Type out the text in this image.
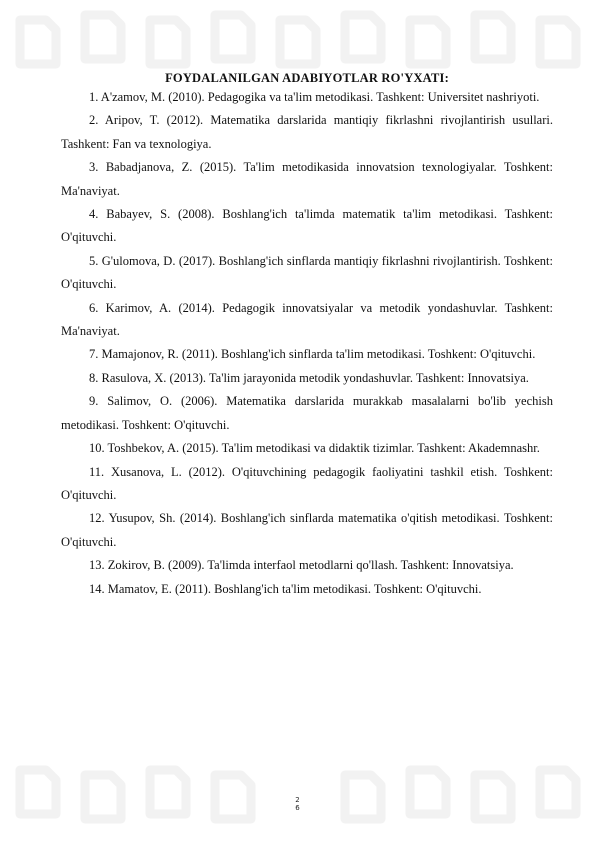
FOYDALANILGAN ADABIYOTLAR RO'YXATI:

1. A'zamov, M. (2010). Pedagogika va ta'lim metodikasi. Tashkent: Universitet nashriyoti.

2. Aripov, T. (2012). Matematika darslarida mantiqiy fikrlashni rivojlantirish usullari. Tashkent: Fan va texnologiya.

3. Babadjanova, Z. (2015). Ta'lim metodikasida innovatsion texnologiyalar. Toshkent: Ma'naviyat.

4. Babayev, S. (2008). Boshlang'ich ta'limda matematik ta'lim metodikasi. Tashkent: O'qituvchi.

5. G'ulomova, D. (2017). Boshlang'ich sinflarda mantiqiy fikrlashni rivojlantirish. Toshkent: O'qituvchi.

6. Karimov, A. (2014). Pedagogik innovatsiyalar va metodik yondashuvlar. Tashkent: Ma'naviyat.

7. Mamajonov, R. (2011). Boshlang'ich sinflarda ta'lim metodikasi. Toshkent: O'qituvchi.

8. Rasulova, X. (2013). Ta'lim jarayonida metodik yondashuvlar. Tashkent: Innovatsiya.

9. Salimov, O. (2006). Matematika darslarida murakkab masalalarni bo'lib yechish metodikasi. Toshkent: O'qituvchi.

10. Toshbekov, A. (2015). Ta'lim metodikasi va didaktik tizimlar. Tashkent: Akademnashr.

11. Xusanova, L. (2012). O'qituvchining pedagogik faoliyatini tashkil etish. Toshkent: O'qituvchi.

12. Yusupov, Sh. (2014). Boshlang'ich sinflarda matematika o'qitish metodikasi. Toshkent: O'qituvchi.

13. Zokirov, B. (2009). Ta'limda interfaol metodlarni qo'llash. Tashkent: Innovatsiya.

14. Mamatov, E. (2011). Boshlang'ich ta'lim metodikasi. Toshkent: O'qituvchi.

2
6
